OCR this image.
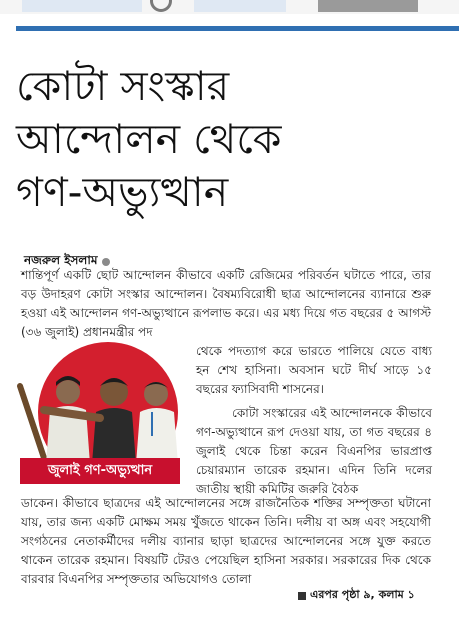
কোটা সংস্কার
আন্দোলন থেকে
গণ-অভ্যুত্থান
নজরুল ইসলাম

শান্তিপূর্ণ একটি ছোট আন্দোলন কীভাবে একটি রেজিমের পরিবর্তন ঘটাতে পারে, তার বড় উদাহরণ কোটা সংস্কার আন্দোলন। বৈষম্যবিরোধী ছাত্র আন্দোলনের ব্যানারে শুরু হওয়া এই আন্দোলন গণ-অভ্যুত্থানে রূপলাভ করে। এর মধ্য দিয়ে গত বছরের ৫ আগস্ট (৩৬ জুলাই) প্রধানমন্ত্রীর পদ

জুলাই গণ-অভ্যুত্থান

থেকে পদত্যাগ করে ভারতে পালিয়ে যেতে বাধ্য হন শেখ হাসিনা। অবসান ঘটে দীর্ঘ সাড়ে ১৫ বছরের ফ্যাসিবাদী শাসনের।

কোটা সংস্কারের এই আন্দোলনকে কীভাবে গণ-অভ্যুত্থানে রূপ দেওয়া যায়, তা গত বছরের ৪ জুলাই থেকে চিন্তা করেন বিএনপির ভারপ্রাপ্ত চেয়ারম্যান তারেক রহমান। এদিন তিনি দলের জাতীয় স্থায়ী কমিটির জরুরি বৈঠক

ডাকেন। কীভাবে ছাত্রদের এই আন্দোলনের সঙ্গে রাজনৈতিক শক্তির সম্পৃক্ততা ঘটানো যায়, তার জন্য একটি মোক্ষম সময় খুঁজতে থাকেন তিনি। দলীয় বা অঙ্গ এবং সহযোগী সংগঠনের নেতাকর্মীদের দলীয় ব্যানার ছাড়া ছাত্রদের আন্দোলনের সঙ্গে যুক্ত করতে থাকেন তারেক রহমান। বিষয়টি টেরও পেয়েছিল হাসিনা সরকার। সরকারের দিক থেকে বারবার বিএনপির সম্পৃক্ততার অভিযোগও তোলা

এরপর পৃষ্ঠা ৯, কলাম ১
